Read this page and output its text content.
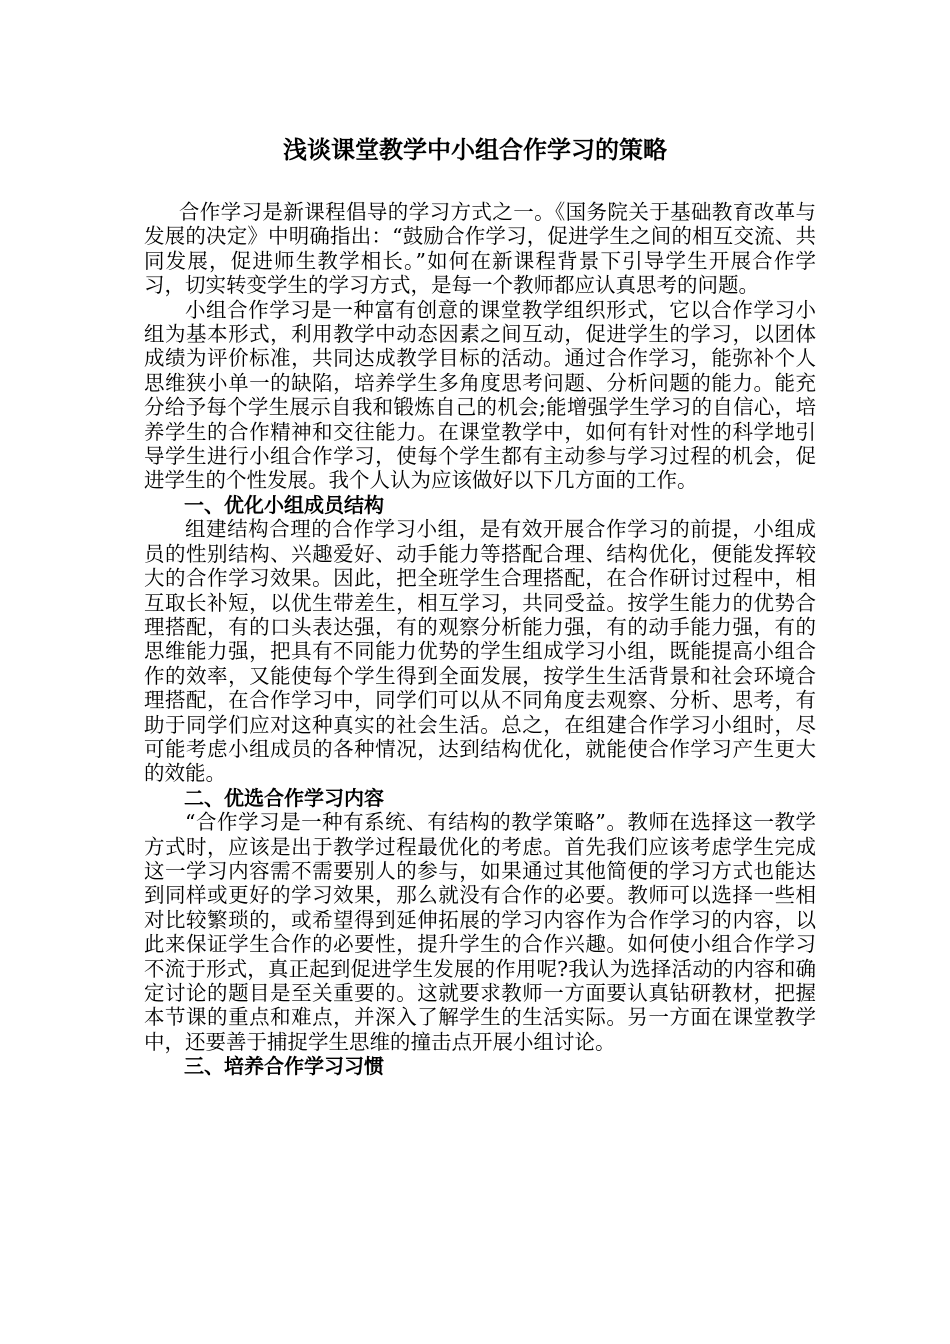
浅谈课堂教学中小组合作学习的策略

合作学习是新课程倡导的学习方式之一。《国务院关于基础教育改革与发展的决定》中明确指出：“鼓励合作学习，促进学生之间的相互交流、共同发展，促进师生教学相长。”如何在新课程背景下引导学生开展合作学习，切实转变学生的学习方式，是每一个教师都应认真思考的问题。

小组合作学习是一种富有创意的课堂教学组织形式，它以合作学习小组为基本形式，利用教学中动态因素之间互动，促进学生的学习，以团体成绩为评价标准，共同达成教学目标的活动。通过合作学习，能弥补个人思维狭小单一的缺陷，培养学生多角度思考问题、分析问题的能力。能充分给予每个学生展示自我和锻炼自己的机会;能增强学生学习的自信心，培养学生的合作精神和交往能力。在课堂教学中，如何有针对性的科学地引导学生进行小组合作学习，使每个学生都有主动参与学习过程的机会，促进学生的个性发展。我个人认为应该做好以下几方面的工作。

一、优化小组成员结构

组建结构合理的合作学习小组，是有效开展合作学习的前提，小组成员的性别结构、兴趣爱好、动手能力等搭配合理、结构优化，便能发挥较大的合作学习效果。因此，把全班学生合理搭配，在合作研讨过程中，相互取长补短，以优生带差生，相互学习，共同受益。按学生能力的优势合理搭配，有的口头表达强，有的观察分析能力强，有的动手能力强，有的思维能力强，把具有不同能力优势的学生组成学习小组，既能提高小组合作的效率，又能使每个学生得到全面发展，按学生生活背景和社会环境合理搭配，在合作学习中，同学们可以从不同角度去观察、分析、思考，有助于同学们应对这种真实的社会生活。总之，在组建合作学习小组时，尽可能考虑小组成员的各种情况，达到结构优化，就能使合作学习产生更大的效能。

二、优选合作学习内容

“合作学习是一种有系统、有结构的教学策略”。教师在选择这一教学方式时，应该是出于教学过程最优化的考虑。首先我们应该考虑学生完成这一学习内容需不需要别人的参与，如果通过其他简便的学习方式也能达到同样或更好的学习效果，那么就没有合作的必要。教师可以选择一些相对比较繁琐的，或希望得到延伸拓展的学习内容作为合作学习的内容，以此来保证学生合作的必要性，提升学生的合作兴趣。如何使小组合作学习不流于形式，真正起到促进学生发展的作用呢?我认为选择活动的内容和确定讨论的题目是至关重要的。这就要求教师一方面要认真钻研教材，把握本节课的重点和难点，并深入了解学生的生活实际。另一方面在课堂教学中，还要善于捕捉学生思维的撞击点开展小组讨论。

三、培养合作学习习惯
